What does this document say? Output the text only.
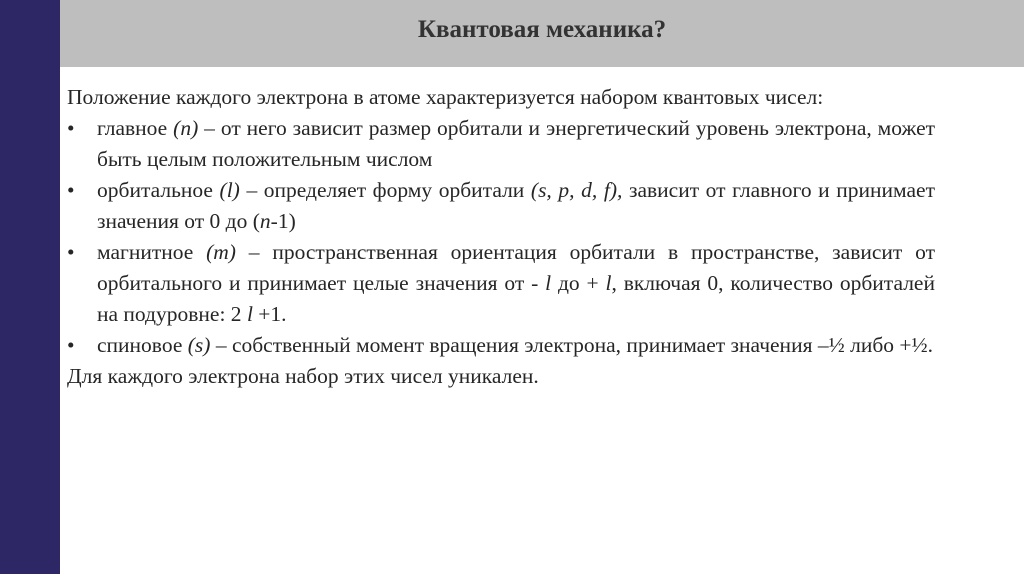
Квантовая механика?

Положение каждого электрона в атоме характеризуется набором квантовых чисел:

• главное (n) – от него зависит размер орбитали и энергетический уровень электрона, может быть целым положительным числом

• орбитальное (l) – определяет форму орбитали (s, p, d, f), зависит от главного и принимает значения от 0 до (n-1)

• магнитное (m) – пространственная ориентация орбитали в пространстве, зависит от орбитального и принимает целые значения от - l до + l, включая 0, количество орбиталей на подуровне: 2 l +1.

• спиновое (s) – собственный момент вращения электрона, принимает значения –½ либо +½.

Для каждого электрона набор этих чисел уникален.
